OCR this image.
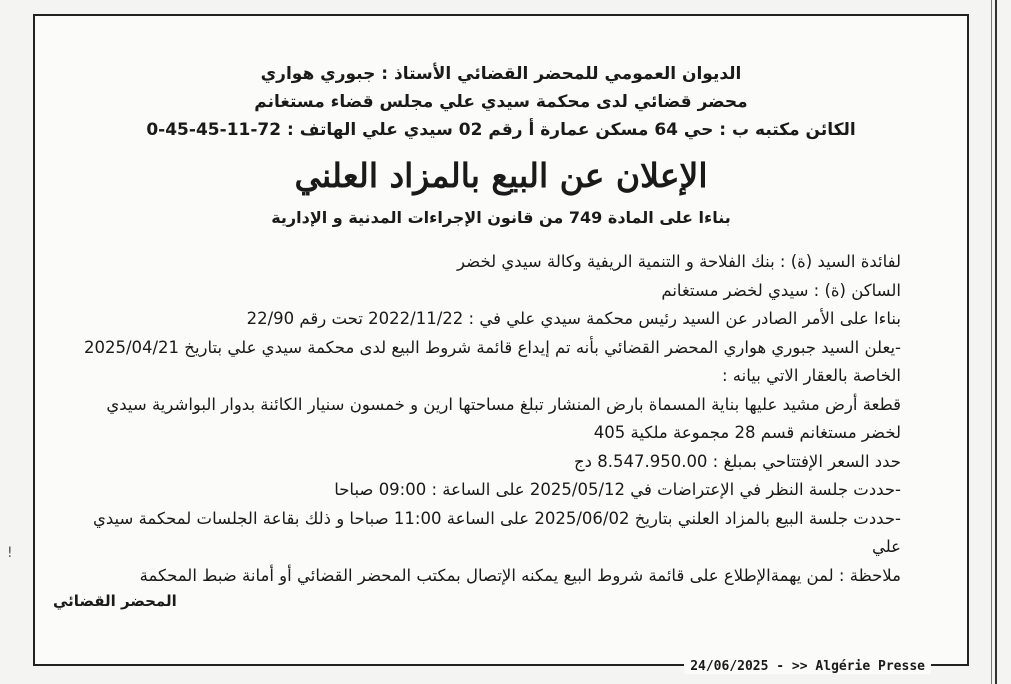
!
الديوان العمومي للمحضر القضائي الأستاذ : جبوري هواري
محضر قضائي لدى محكمة سيدي علي مجلس قضاء مستغانم
الكائن مكتبه ب : حي 64 مسكن عمارة أ رقم 02 سيدي علي الهاتف : 72-11-45-45-0
الإعلان عن البيع بالمزاد العلني
بناءا على المادة 749 من قانون الإجراءات المدنية و الإدارية

لفائدة السيد (ة) : بنك الفلاحة و التنمية الريفية وكالة سيدي لخضر

الساكن (ة) : سيدي لخضر مستغانم

بناءا على الأمر الصادر عن السيد رئيس محكمة سيدي علي في : 2022/11/22 تحت رقم 22/90

-يعلن السيد جبوري هواري المحضر القضائي بأنه تم إيداع قائمة شروط البيع لدى محكمة سيدي علي بتاريخ 2025/04/21 الخاصة بالعقار الاتي بيانه :

قطعة أرض مشيد عليها بناية المسماة بارض المنشار تبلغ مساحتها ارين و خمسون سنيار الكائنة بدوار البواشرية سيدي لخضر مستغانم قسم 28 مجموعة ملكية 405

حدد السعر الإفتتاحي بمبلغ : 8.547.950.00 دج

-حددت جلسة النظر في الإعتراضات في 2025/05/12 على الساعة : 09:00 صباحا

-حددت جلسة البيع بالمزاد العلني بتاريخ 2025/06/02 على الساعة 11:00 صباحا و ذلك بقاعة الجلسات لمحكمة سيدي علي

ملاحظة : لمن يهمةالإطلاع على قائمة شروط البيع يمكنه الإتصال بمكتب المحضر القضائي أو أمانة ضبط المحكمة

المحضر القضائي
24/06/2025 - >> Algérie Presse
